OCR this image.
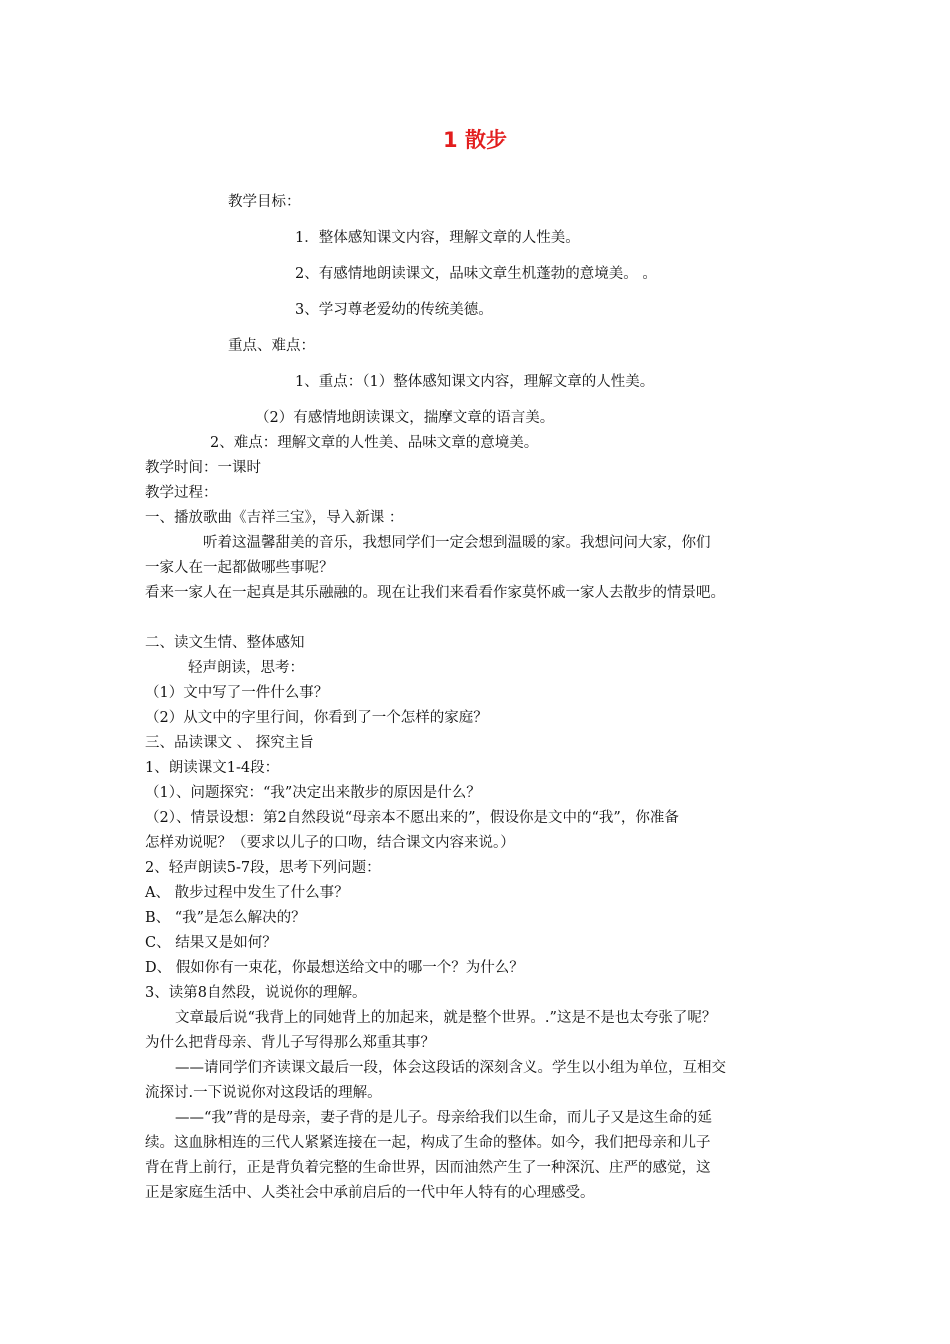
1 散步
教学目标：
1．整体感知课文内容，理解文章的人性美。
2、有感情地朗读课文，品味文章生机蓬勃的意境美。 。
3、学习尊老爱幼的传统美德。
重点、难点：
1、重点：（1）整体感知课文内容，理解文章的人性美。
（2）有感情地朗读课文，揣摩文章的语言美。
2、难点：理解文章的人性美、品味文章的意境美。
教学时间：一课时
教学过程：
一、播放歌曲《吉祥三宝》，导入新课 ：
听着这温馨甜美的音乐，我想同学们一定会想到温暖的家。我想问问大家，你们
一家人在一起都做哪些事呢？
看来一家人在一起真是其乐融融的。现在让我们来看看作家莫怀戚一家人去散步的情景吧。
二、读文生情、整体感知
轻声朗读，思考：
（1）文中写了一件什么事？
（2）从文中的字里行间，你看到了一个怎样的家庭？
三、品读课文 、 探究主旨
1、朗读课文1-4段：
（1）、问题探究：“我”决定出来散步的原因是什么？
（2）、情景设想：第2自然段说“母亲本不愿出来的”，假设你是文中的“我”，你准备
怎样劝说呢？（要求以儿子的口吻，结合课文内容来说。）
2、轻声朗读5-7段，思考下列问题：
A、 散步过程中发生了什么事？
B、 “我”是怎么解决的？
C、 结果又是如何？
D、 假如你有一束花，你最想送给文中的哪一个？为什么？
3、读第8自然段，说说你的理解。
文章最后说“我背上的同她背上的加起来，就是整个世界。.”这是不是也太夸张了呢？
为什么把背母亲、背儿子写得那么郑重其事？
——请同学们齐读课文最后一段，体会这段话的深刻含义。学生以小组为单位，互相交
流探讨.一下说说你对这段话的理解。
——“我”背的是母亲，妻子背的是儿子。母亲给我们以生命，而儿子又是这生命的延
续。这血脉相连的三代人紧紧连接在一起，构成了生命的整体。如今，我们把母亲和儿子
背在背上前行，正是背负着完整的生命世界，因而油然产生了一种深沉、庄严的感觉，这
正是家庭生活中、人类社会中承前启后的一代中年人特有的心理感受。
